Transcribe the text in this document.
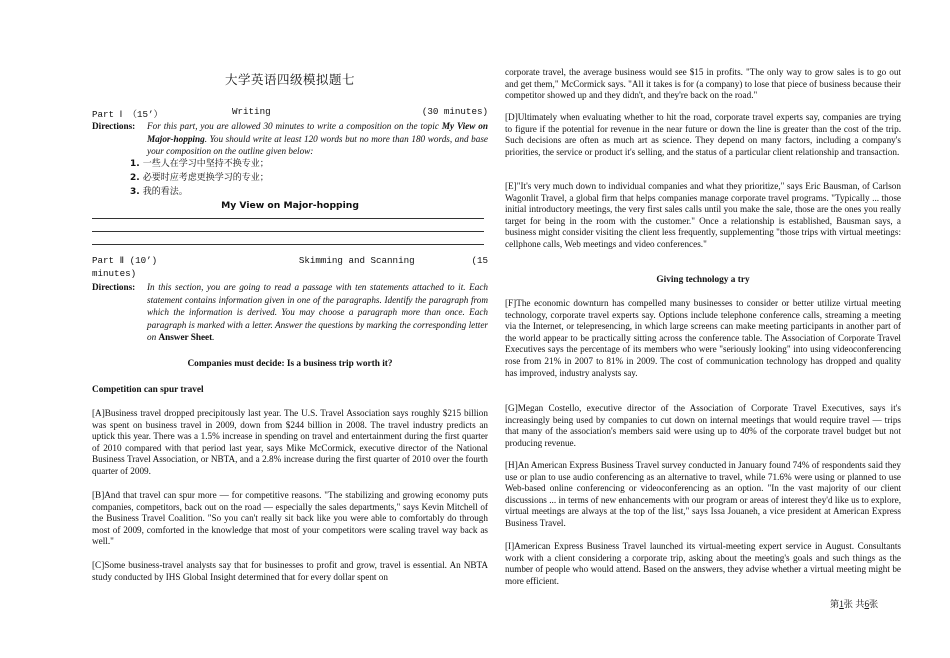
大学英语四级模拟题七
Part Ⅰ （15’）	Writing	(30 minutes)
Directions: For this part, you are allowed 30 minutes to write a composition on the topic My View on Major-hopping. You should write at least 120 words but no more than 180 words, and base your composition on the outline given below:
1. 一些人在学习中坚持不换专业；
2. 必要时应考虑更换学习的专业；
3. 我的看法。
My View on Major-hopping
Part Ⅱ (10’)	Skimming and Scanning	(15
minutes)
Directions: In this section, you are going to read a passage with ten statements attached to it. Each statement contains information given in one of the paragraphs. Identify the paragraph from which the information is derived. You may choose a paragraph more than once. Each paragraph is marked with a letter. Answer the questions by marking the corresponding letter on Answer Sheet.
Companies must decide: Is a business trip worth it?
Competition can spur travel
[A]Business travel dropped precipitously last year. The U.S. Travel Association says roughly $215 billion was spent on business travel in 2009, down from $244 billion in 2008. The travel industry predicts an uptick this year. There was a 1.5% increase in spending on travel and entertainment during the first quarter of 2010 compared with that period last year, says Mike McCormick, executive director of the National Business Travel Association, or NBTA, and a 2.8% increase during the first quarter of 2010 over the fourth quarter of 2009.
[B]And that travel can spur more — for competitive reasons. "The stabilizing and growing economy puts companies, competitors, back out on the road — especially the sales departments," says Kevin Mitchell of the Business Travel Coalition. "So you can't really sit back like you were able to comfortably do through most of 2009, comforted in the knowledge that most of your competitors were scaling travel way back as well."
[C]Some business-travel analysts say that for businesses to profit and grow, travel is essential. An NBTA study conducted by IHS Global Insight determined that for every dollar spent on
corporate travel, the average business would see $15 in profits. "The only way to grow sales is to go out and get them," McCormick says. "All it takes is for (a company) to lose that piece of business because their competitor showed up and they didn't, and they're back on the road."
[D]Ultimately when evaluating whether to hit the road, corporate travel experts say, companies are trying to figure if the potential for revenue in the near future or down the line is greater than the cost of the trip. Such decisions are often as much art as science. They depend on many factors, including a company's priorities, the service or product it's selling, and the status of a particular client relationship and transaction.
[E]"It's very much down to individual companies and what they prioritize," says Eric Bausman, of Carlson Wagonlit Travel, a global firm that helps companies manage corporate travel programs. "Typically ... those initial introductory meetings, the very first sales calls until you make the sale, those are the ones you really target for being in the room with the customer." Once a relationship is established, Bausman says, a business might consider visiting the client less frequently, supplementing "those trips with virtual meetings: cellphone calls, Web meetings and video conferences."
Giving technology a try
[F]The economic downturn has compelled many businesses to consider or better utilize virtual meeting technology, corporate travel experts say. Options include telephone conference calls, streaming a meeting via the Internet, or telepresencing, in which large screens can make meeting participants in another part of the world appear to be practically sitting across the conference table. The Association of Corporate Travel Executives says the percentage of its members who were "seriously looking" into using videoconferencing rose from 21% in 2007 to 81% in 2009. The cost of communication technology has dropped and quality has improved, industry analysts say.
[G]Megan Costello, executive director of the Association of Corporate Travel Executives, says it's increasingly being used by companies to cut down on internal meetings that would require travel — trips that many of the association's members said were using up to 40% of the corporate travel budget but not producing revenue.
[H]An American Express Business Travel survey conducted in January found 74% of respondents said they use or plan to use audio conferencing as an alternative to travel, while 71.6% were using or planned to use Web-based online conferencing or videoconferencing as an option. "In the vast majority of our client discussions ... in terms of new enhancements with our program or areas of interest they'd like us to explore, virtual meetings are always at the top of the list," says Issa Jouaneh, a vice president at American Express Business Travel.
[I]American Express Business Travel launched its virtual-meeting expert service in August. Consultants work with a client considering a corporate trip, asking about the meeting's goals and such things as the number of people who would attend. Based on the answers, they advise whether a virtual meeting might be more efficient.
第1张 共6张
